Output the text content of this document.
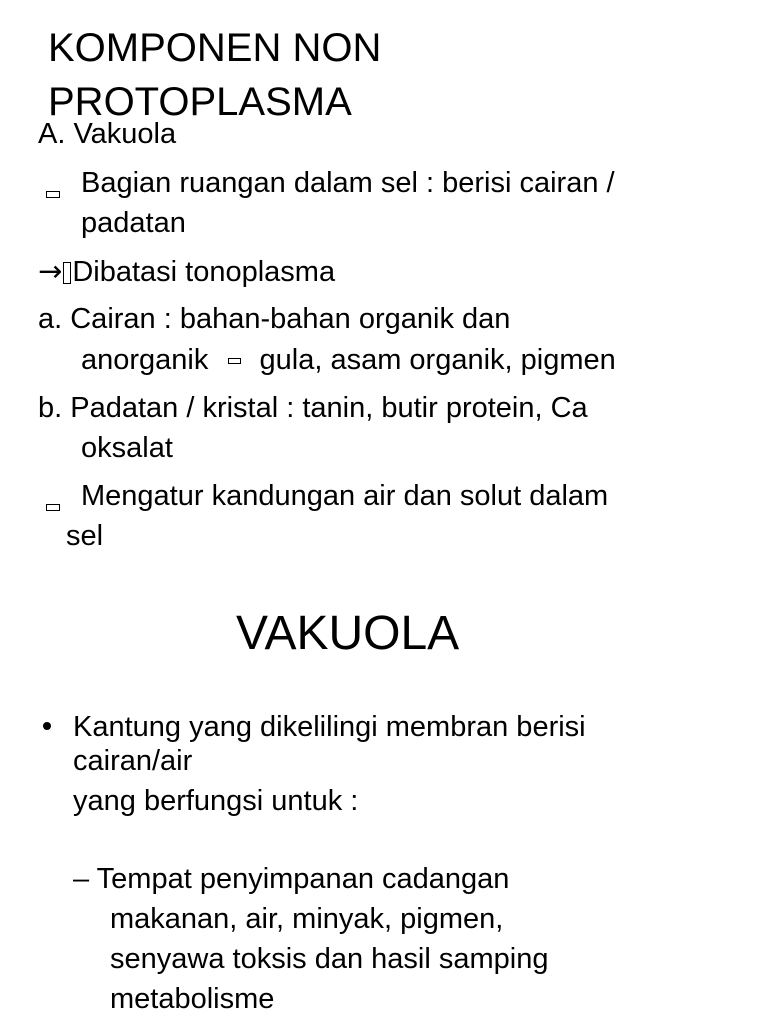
KOMPONEN NON
PROTOPLASMA
A. Vakuola
Bagian ruangan dalam sel : berisi cairan /
padatan
→ Dibatasi tonoplasma
a. Cairan : bahan-bahan organik dan
anorganik gula, asam organik, pigmen
b. Padatan / kristal : tanin, butir protein, Ca
oksalat
Mengatur kandungan air dan solut dalam
sel
VAKUOLA
Kantung yang dikelilingi membran berisi
cairan/air
yang berfungsi untuk :
– Tempat penyimpanan cadangan
makanan, air, minyak, pigmen,
senyawa toksis dan hasil samping
metabolisme
